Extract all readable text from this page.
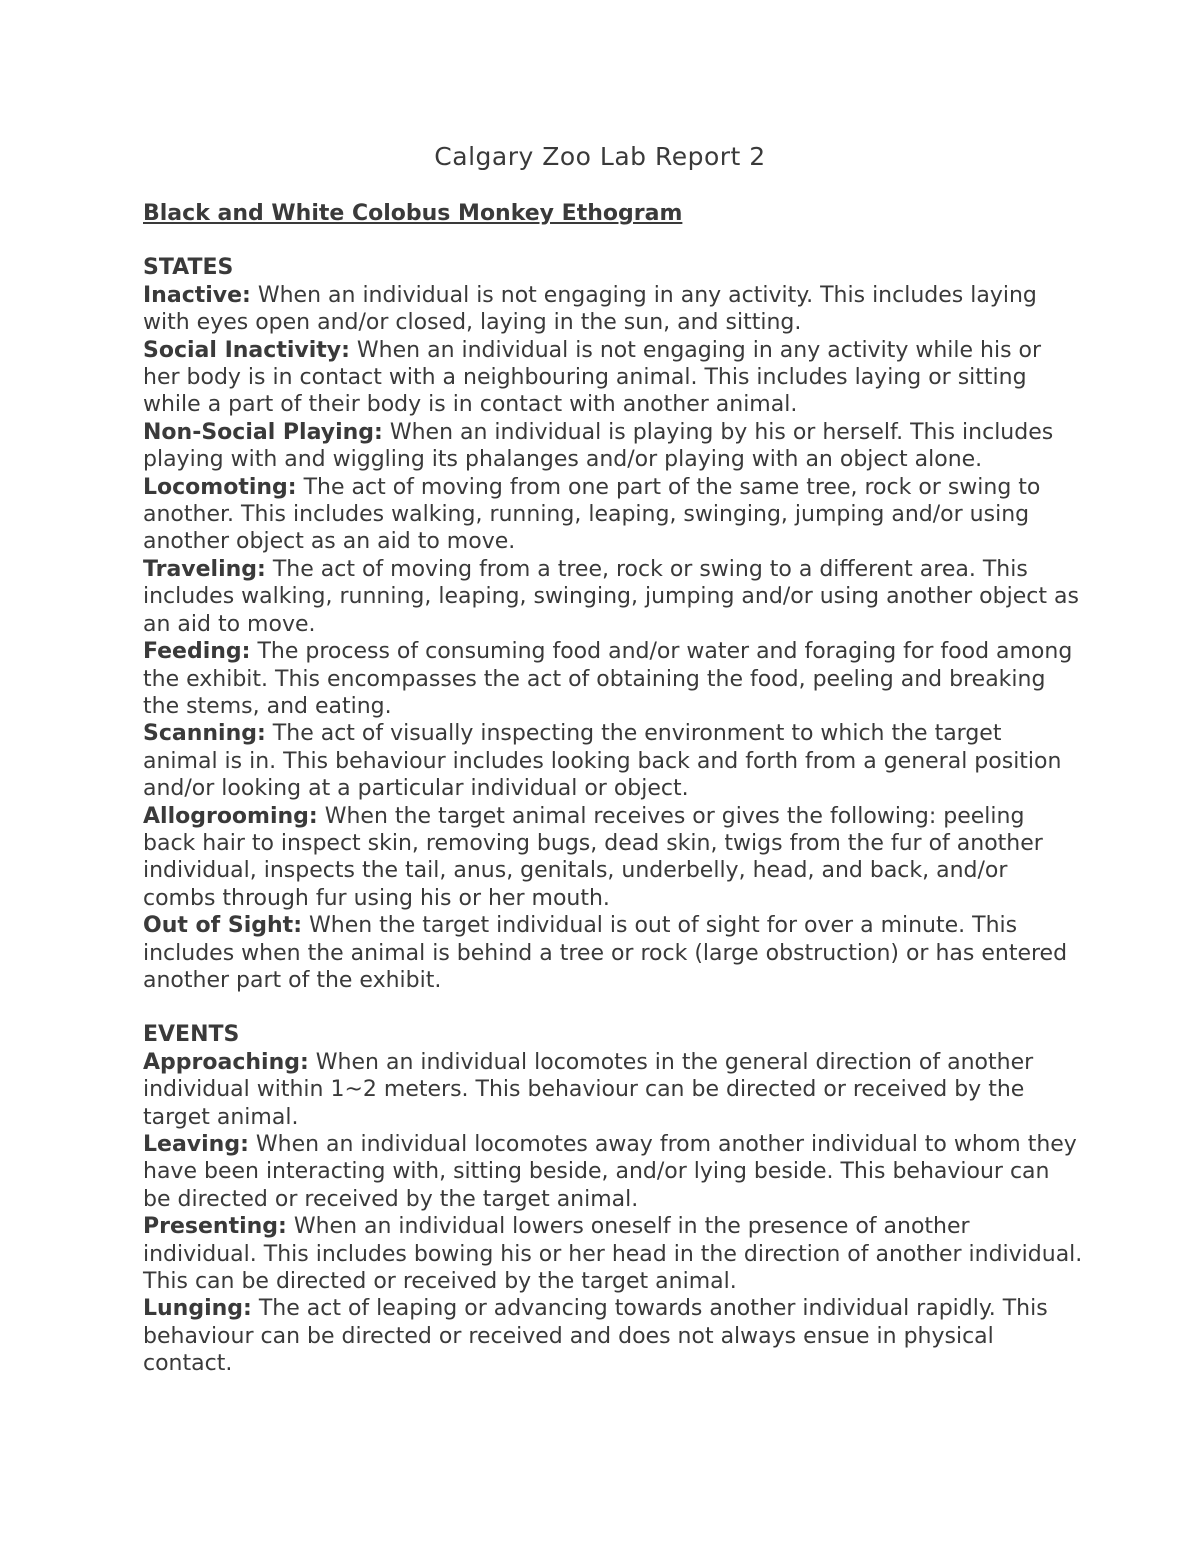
Calgary Zoo Lab Report 2

Black and White Colobus Monkey Ethogram

STATES

Inactive: When an individual is not engaging in any activity. This includes laying with eyes open and/or closed, laying in the sun, and sitting.

Social Inactivity: When an individual is not engaging in any activity while his or her body is in contact with a neighbouring animal. This includes laying or sitting while a part of their body is in contact with another animal.

Non-Social Playing: When an individual is playing by his or herself. This includes playing with and wiggling its phalanges and/or playing with an object alone.

Locomoting: The act of moving from one part of the same tree, rock or swing to another. This includes walking, running, leaping, swinging, jumping and/or using another object as an aid to move.

Traveling: The act of moving from a tree, rock or swing to a different area. This includes walking, running, leaping, swinging, jumping and/or using another object as an aid to move.

Feeding: The process of consuming food and/or water and foraging for food among the exhibit. This encompasses the act of obtaining the food, peeling and breaking the stems, and eating.

Scanning: The act of visually inspecting the environment to which the target animal is in. This behaviour includes looking back and forth from a general position and/or looking at a particular individual or object.

Allogrooming: When the target animal receives or gives the following: peeling back hair to inspect skin, removing bugs, dead skin, twigs from the fur of another individual, inspects the tail, anus, genitals, underbelly, head, and back, and/or combs through fur using his or her mouth.

Out of Sight: When the target individual is out of sight for over a minute. This includes when the animal is behind a tree or rock (large obstruction) or has entered another part of the exhibit.

EVENTS

Approaching: When an individual locomotes in the general direction of another individual within 1~2 meters. This behaviour can be directed or received by the target animal.

Leaving: When an individual locomotes away from another individual to whom they have been interacting with, sitting beside, and/or lying beside. This behaviour can be directed or received by the target animal.

Presenting: When an individual lowers oneself in the presence of another individual. This includes bowing his or her head in the direction of another individual. This can be directed or received by the target animal.

Lunging: The act of leaping or advancing towards another individual rapidly. This behaviour can be directed or received and does not always ensue in physical contact.
